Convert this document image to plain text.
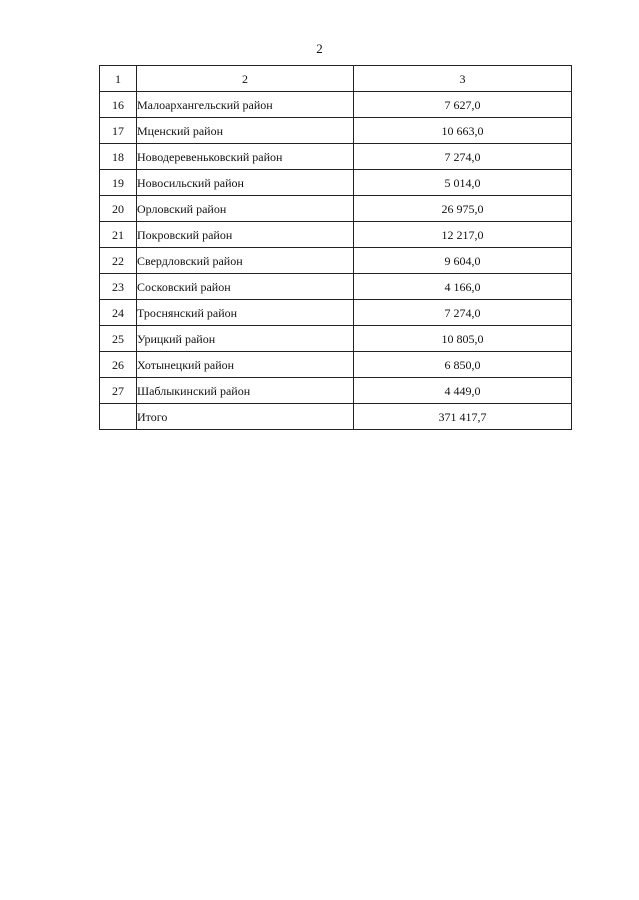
2
1	2	3
16	Малоархангельский район	7 627,0
17	Мценский район	10 663,0
18	Новодеревеньковский район	7 274,0
19	Новосильский район	5 014,0
20	Орловский район	26 975,0
21	Покровский район	12 217,0
22	Свердловский район	9 604,0
23	Сосковский район	4 166,0
24	Троснянский район	7 274,0
25	Урицкий район	10 805,0
26	Хотынецкий район	6 850,0
27	Шаблыкинский район	4 449,0
	Итого	371 417,7
